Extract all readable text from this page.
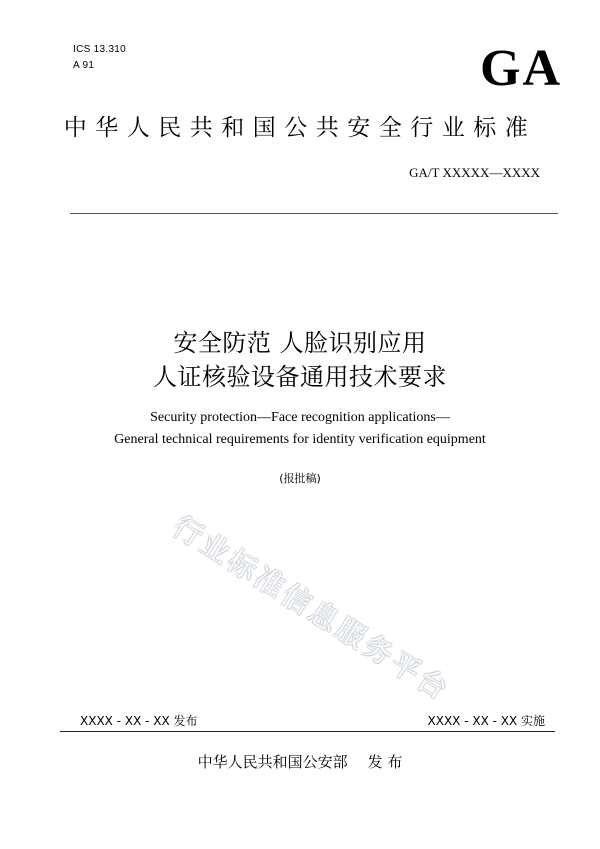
ICS 13.310
A 91	GA
中华人民共和国公共安全行业标准
GA/T XXXXX—XXXX
安全防范 人脸识别应用
人证核验设备通用技术要求
Security protection—Face recognition applications—
General technical requirements for identity verification equipment
(报批稿)
行业标准信息服务平台
XXXX - XX - XX 发布	XXXX - XX - XX 实施
中华人民共和国公安部 发 布
